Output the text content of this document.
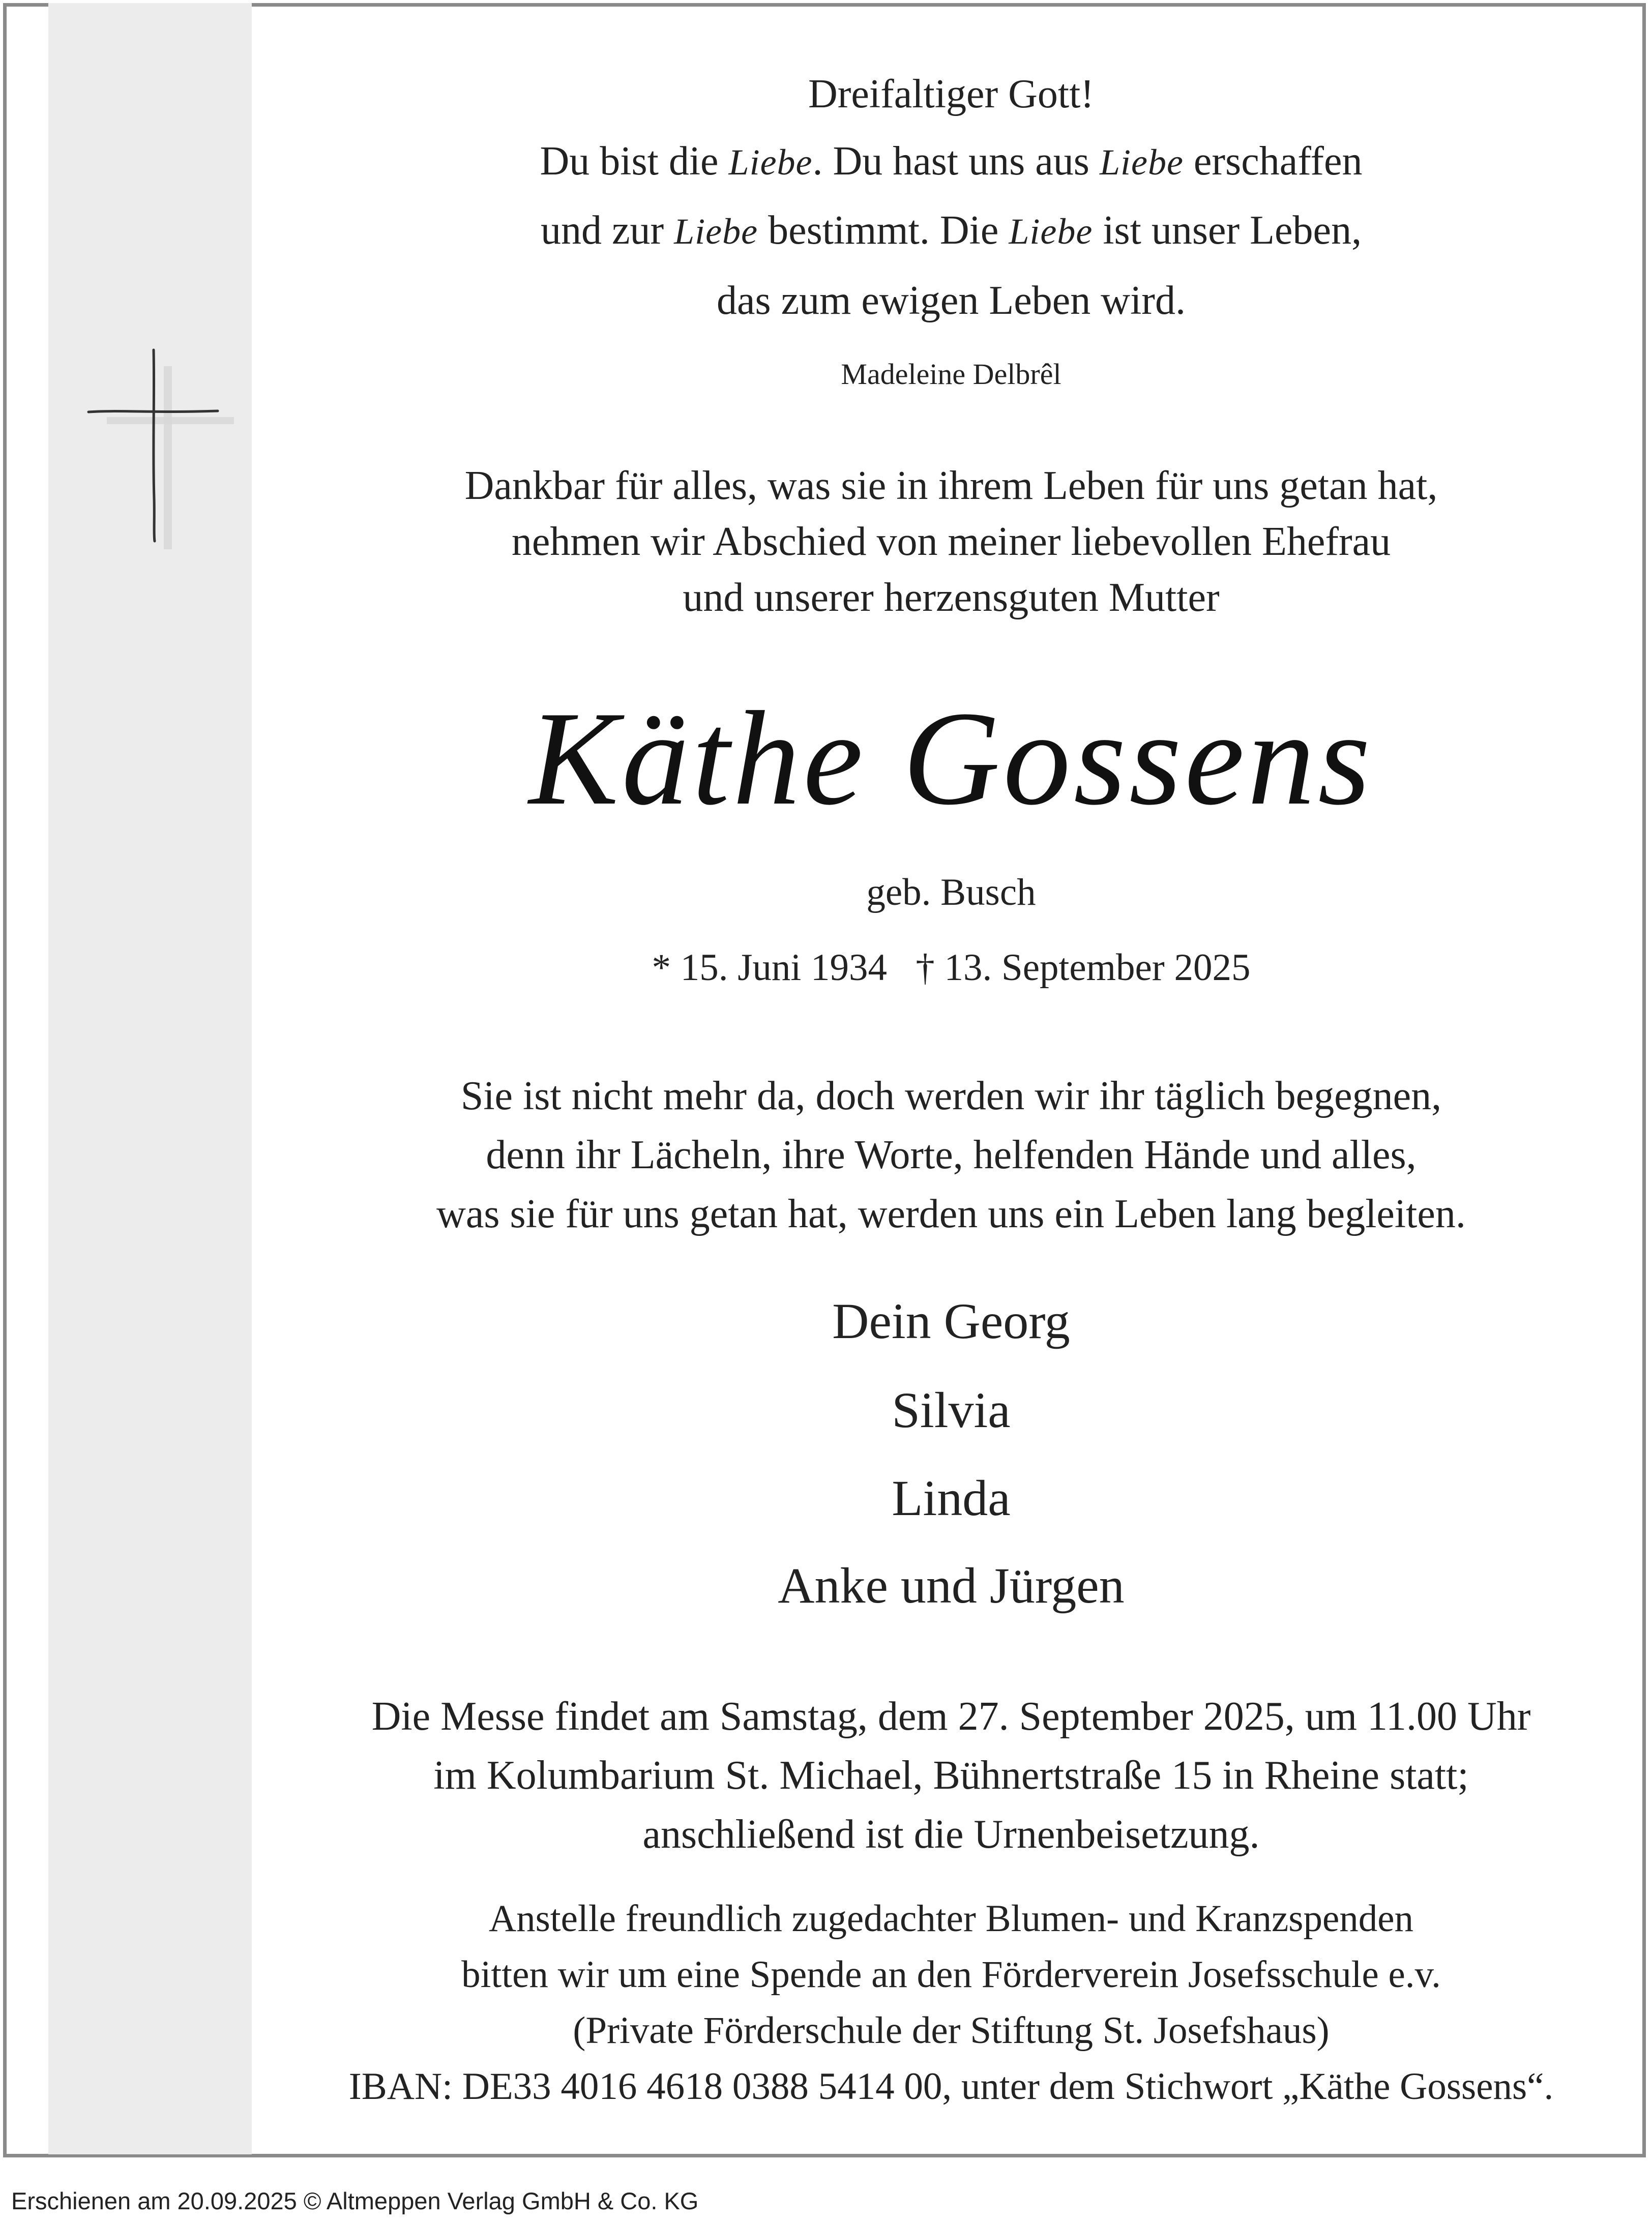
Dreifaltiger Gott!
Du bist die Liebe. Du hast uns aus Liebe erschaffen
und zur Liebe bestimmt. Die Liebe ist unser Leben,
das zum ewigen Leben wird.
Madeleine Delbrêl
Dankbar für alles, was sie in ihrem Leben für uns getan hat,
nehmen wir Abschied von meiner liebevollen Ehefrau
und unserer herzensguten Mutter
Käthe Gossens
geb. Busch
* 15. Juni 1934   † 13. September 2025
Sie ist nicht mehr da, doch werden wir ihr täglich begegnen,
denn ihr Lächeln, ihre Worte, helfenden Hände und alles,
was sie für uns getan hat, werden uns ein Leben lang begleiten.
Dein Georg
Silvia
Linda
Anke und Jürgen
Die Messe findet am Samstag, dem 27. September 2025, um 11.00 Uhr
im Kolumbarium St. Michael, Bühnertstraße 15 in Rheine statt;
anschließend ist die Urnenbeisetzung.
Anstelle freundlich zugedachter Blumen- und Kranzspenden
bitten wir um eine Spende an den Förderverein Josefsschule e.v.
(Private Förderschule der Stiftung St. Josefshaus)
IBAN: DE33 4016 4618 0388 5414 00, unter dem Stichwort „Käthe Gossens“.
Erschienen am 20.09.2025 © Altmeppen Verlag GmbH & Co. KG
